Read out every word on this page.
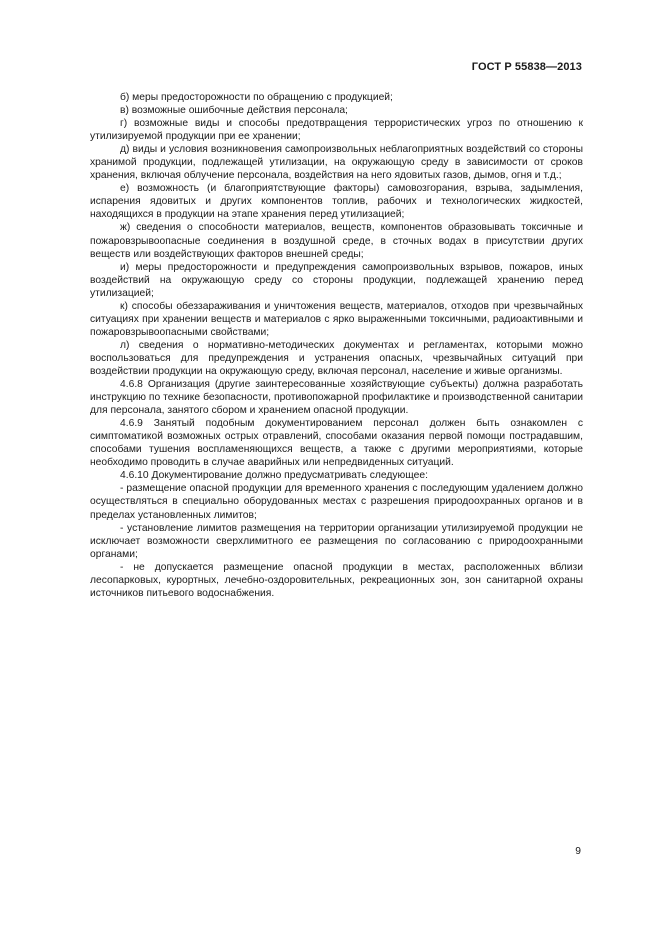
ГОСТ Р 55838—2013

б) меры предосторожности по обращению с продукцией;

в) возможные ошибочные действия персонала;

г) возможные виды и способы предотвращения террористических угроз по отношению к утилизируемой продукции при ее хранении;

д) виды и условия возникновения самопроизвольных неблагоприятных воздействий со стороны хранимой продукции, подлежащей утилизации, на окружающую среду в зависимости от сроков хранения, включая облучение персонала, воздействия на него ядовитых газов, дымов, огня и т.д.;

е) возможность (и благоприятствующие факторы) самовозгорания, взрыва, задымления, испарения ядовитых и других компонентов топлив, рабочих и технологических жидкостей, находящихся в продукции на этапе хранения перед утилизацией;

ж) сведения о способности материалов, веществ, компонентов образовывать токсичные и пожаровзрывоопасные соединения в воздушной среде, в сточных водах в присутствии других веществ или воздействующих факторов внешней среды;

и) меры предосторожности и предупреждения самопроизвольных взрывов, пожаров, иных воздействий на окружающую среду со стороны продукции, подлежащей хранению перед утилизацией;

к) способы обеззараживания и уничтожения веществ, материалов, отходов при чрезвычайных ситуациях при хранении веществ и материалов с ярко выраженными токсичными, радиоактивными и пожаровзрывоопасными свойствами;

л) сведения о нормативно-методических документах и регламентах, которыми можно воспользоваться для предупреждения и устранения опасных, чрезвычайных ситуаций при воздействии продукции на окружающую среду, включая персонал, население и живые организмы.

4.6.8 Организация (другие заинтересованные хозяйствующие субъекты) должна разработать инструкцию по технике безопасности, противопожарной профилактике и производственной санитарии для персонала, занятого сбором и хранением опасной продукции.

4.6.9 Занятый подобным документированием персонал должен быть ознакомлен с симптоматикой возможных острых отравлений, способами оказания первой помощи пострадавшим, способами тушения воспламеняющихся веществ, а также с другими мероприятиями, которые необходимо проводить в случае аварийных или непредвиденных ситуаций.

4.6.10 Документирование должно предусматривать следующее:

- размещение опасной продукции для временного хранения с последующим удалением должно осуществляться в специально оборудованных местах с разрешения природоохранных органов и в пределах установленных лимитов;

- установление лимитов размещения на территории организации утилизируемой продукции не исключает возможности сверхлимитного ее размещения по согласованию с природоохранными органами;

- не допускается размещение опасной продукции в местах, расположенных вблизи лесопарковых, курортных, лечебно-оздоровительных, рекреационных зон, зон санитарной охраны источников питьевого водоснабжения.

9
